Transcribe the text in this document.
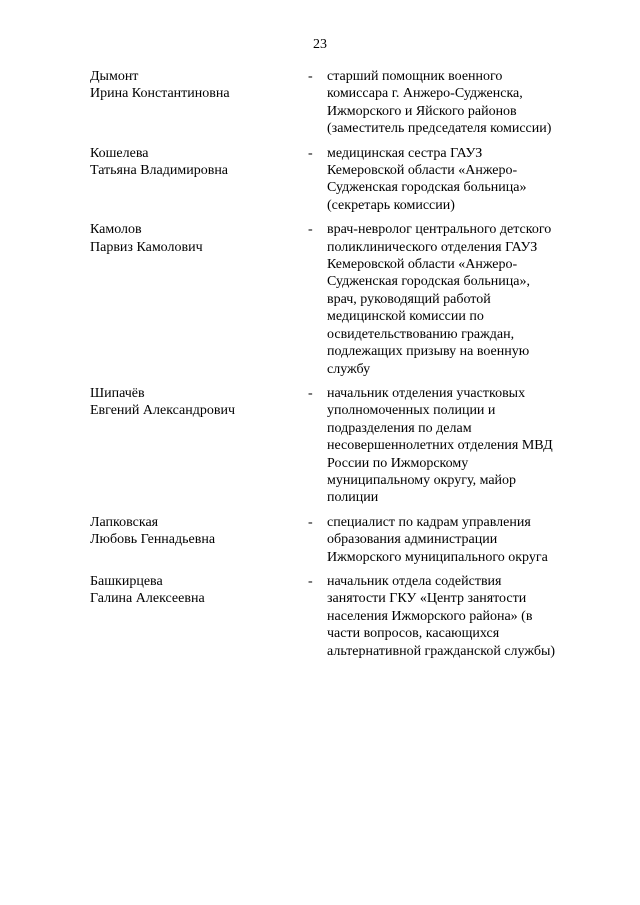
23
Дымонт
Ирина Константиновна
-	старший помощник военного
комиссара г. Анжеро-Судженска,
Ижморского и Яйского районов
(заместитель председателя комиссии)
Кошелева
Татьяна Владимировна
-	медицинская сестра ГАУЗ
Кемеровской области «Анжеро-
Судженская городская больница»
(секретарь комиссии)
Камолов
Парвиз Камолович
-	врач-невролог центрального детского
поликлинического отделения ГАУЗ
Кемеровской области «Анжеро-
Судженская городская больница»,
врач, руководящий работой
медицинской комиссии по
освидетельствованию граждан,
подлежащих призыву на военную
службу
Шипачёв
Евгений Александрович
-	начальник отделения участковых
уполномоченных полиции и
подразделения по делам
несовершеннолетних отделения МВД
России по Ижморскому
муниципальному округу, майор
полиции
Лапковская
Любовь Геннадьевна
-	специалист по кадрам управления
образования администрации
Ижморского муниципального округа
Башкирцева
Галина Алексеевна
-	начальник отдела содействия
занятости ГКУ «Центр занятости
населения Ижморского района» (в
части вопросов, касающихся
альтернативной гражданской службы)
